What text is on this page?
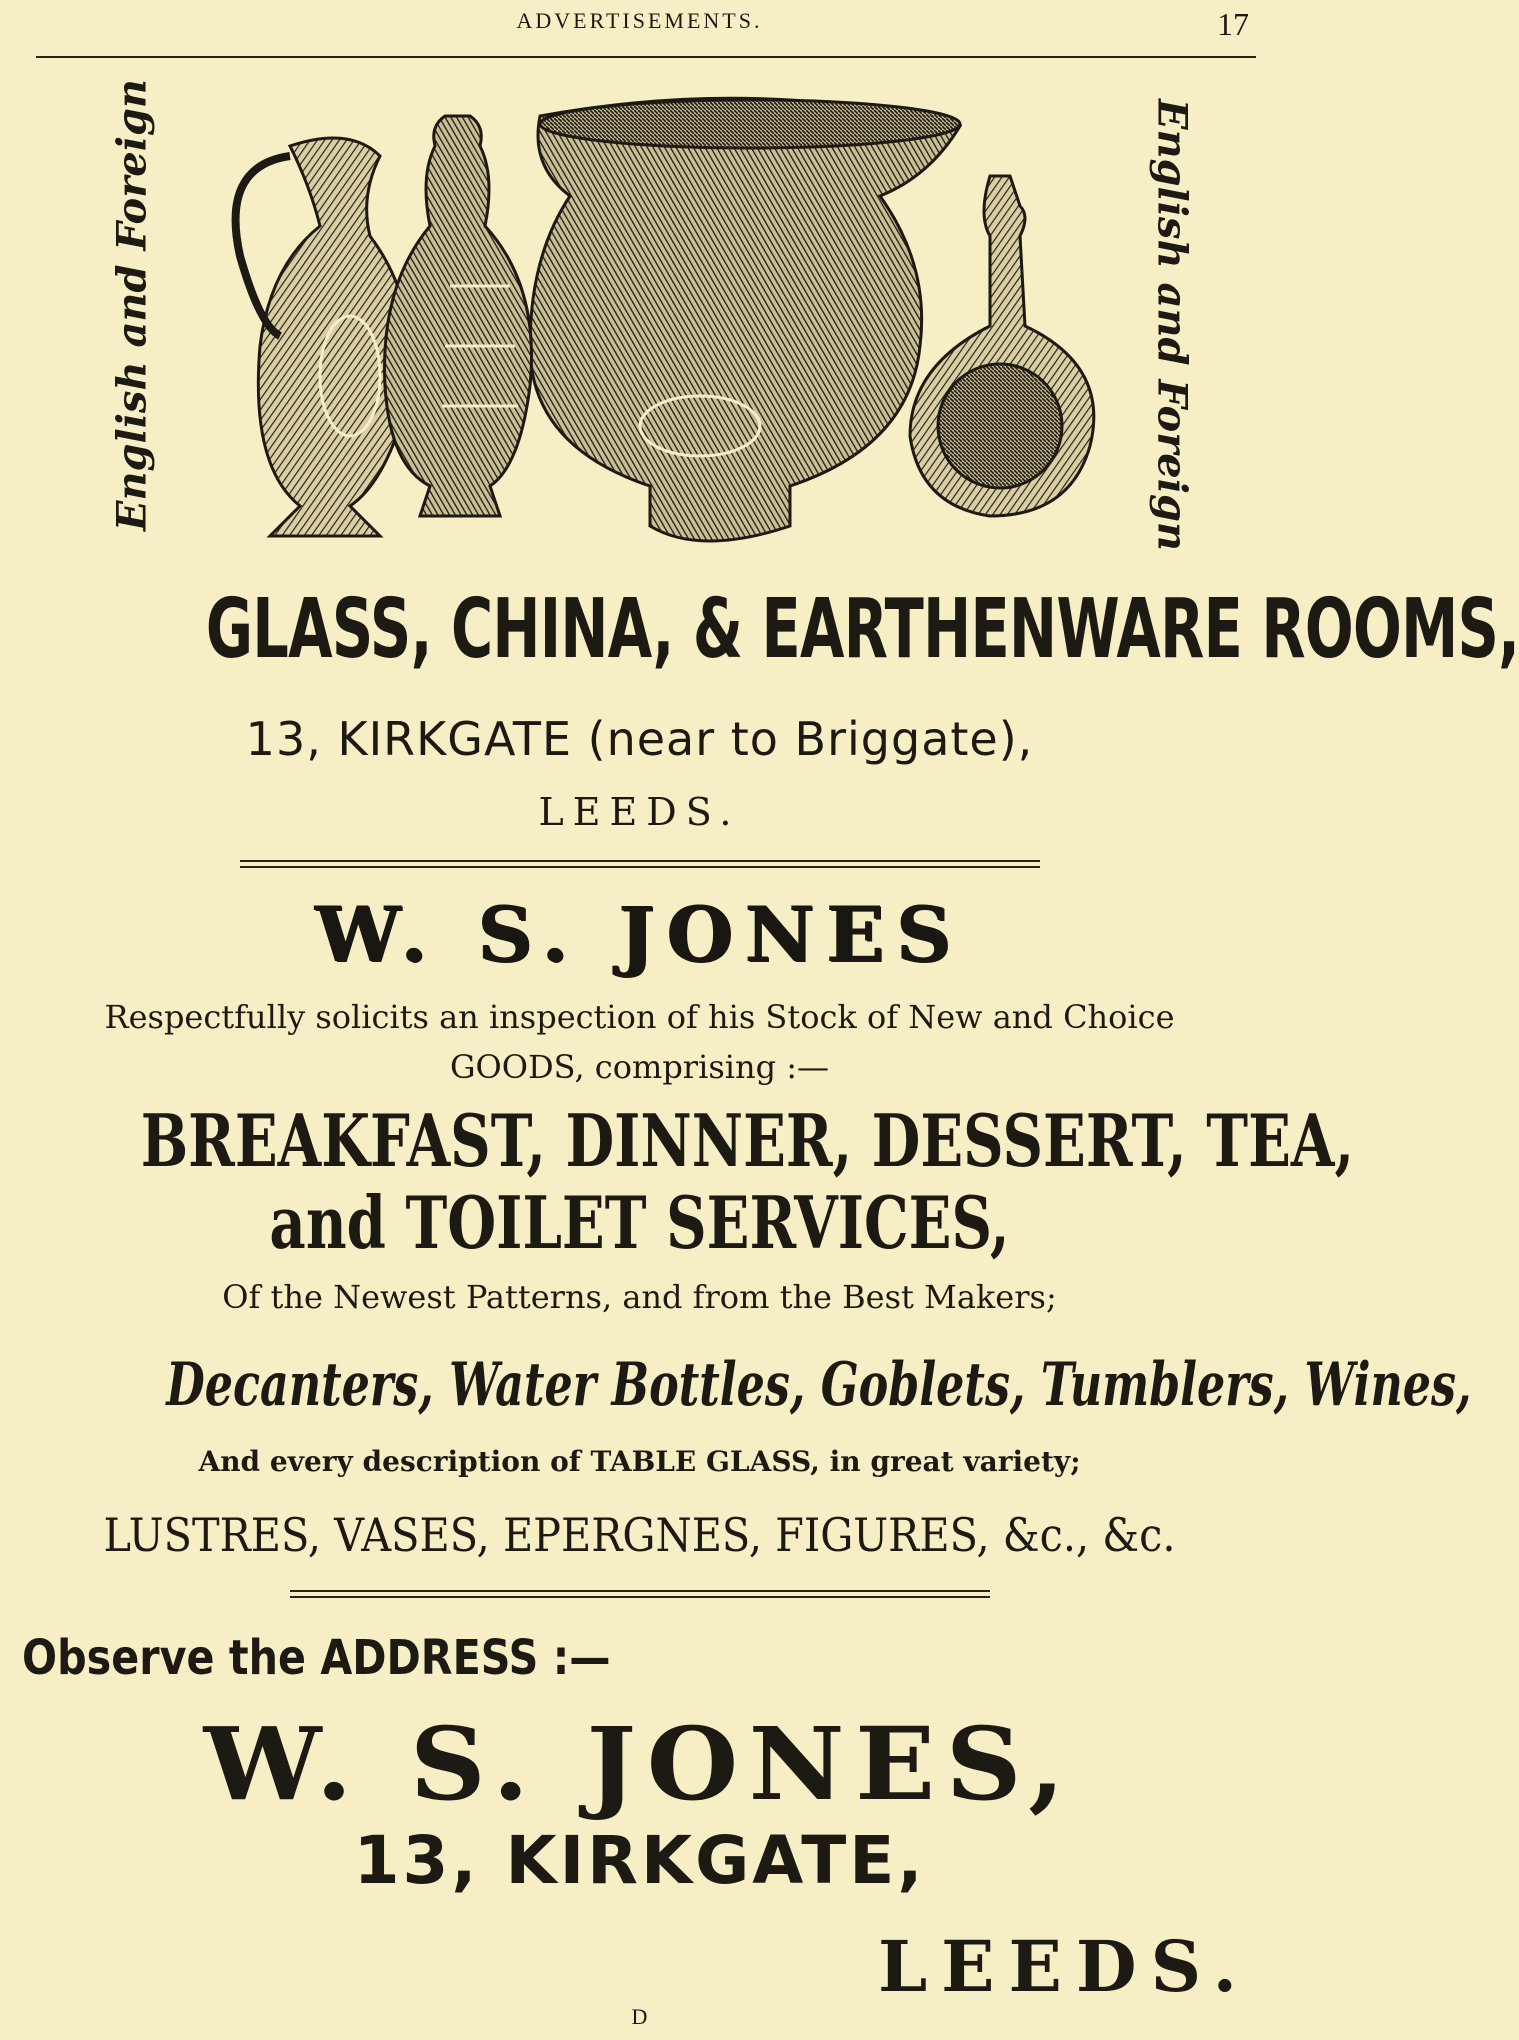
ADVERTISEMENTS.	17
English and Foreign	English and Foreign
GLASS, CHINA, & EARTHENWARE ROOMS,
13, KIRKGATE (near to Briggate),
LEEDS.
W. S. JONES
Respectfully solicits an inspection of his Stock of New and Choice
GOODS, comprising :—
BREAKFAST, DINNER, DESSERT, TEA,
and TOILET SERVICES,
Of the Newest Patterns, and from the Best Makers;
Decanters, Water Bottles, Goblets, Tumblers, Wines,
And every description of TABLE GLASS, in great variety;
LUSTRES, VASES, EPERGNES, FIGURES, &c., &c.
Observe the ADDRESS :—
W. S. JONES,
13, KIRKGATE,
LEEDS.
D
